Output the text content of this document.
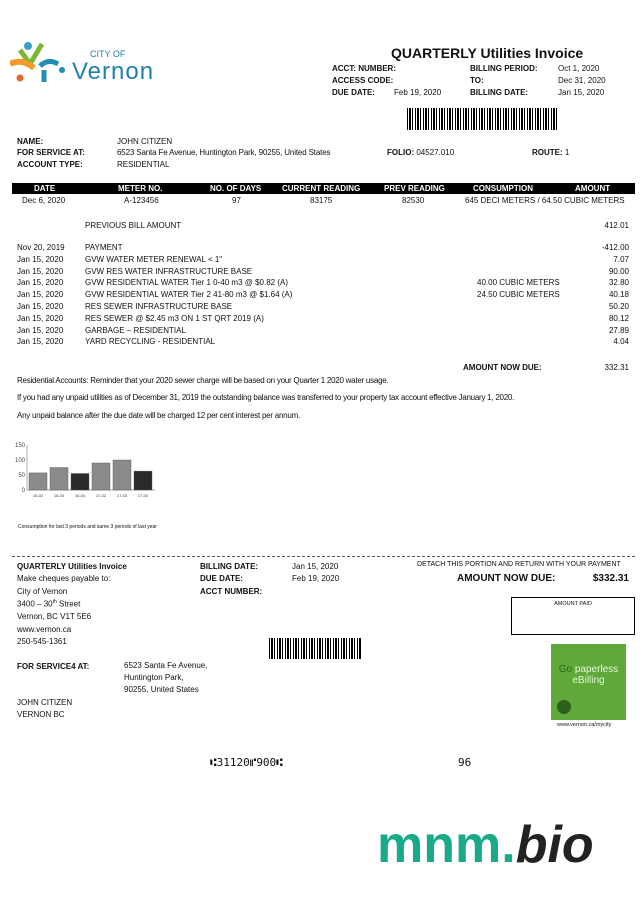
CITY OF
Vernon
QUARTERLY Utilities Invoice
ACCT: NUMBER:
ACCESS CODE:
DUE DATE: Feb 19, 2020
BILLING PERIOD:	Oct 1, 2020
TO:	Dec 31, 2020
BILLING DATE:	Jan 15, 2020
NAME:	JOHN CITIZEN
FOR SERVICE AT:	6523 Santa Fe Avenue, Huntington Park, 90255, United States
ACCOUNT TYPE:	RESIDENTIAL
FOLIO: 04527.010	ROUTE: 1
DATE	METER NO.	NO. OF DAYS	CURRENT READING	PREV READING	CONSUMPTION	AMOUNT
Dec 6, 2020	A-123456	97	83175	82530	645 DECI METERS / 64.50 CUBIC METERS
PREVIOUS BILL AMOUNT	412.01
Nov 20, 2019	PAYMENT	-412.00
Jan 15, 2020	GVW WATER METER RENEWAL < 1"	7.07
Jan 15, 2020	GVW RES WATER INFRASTRUCTURE BASE	90.00
Jan 15, 2020	GVW RESIDENTIAL WATER Tier 1 0-40 m3 @ $0.82 (A)	40.00 CUBIC METERS	32.80
Jan 15, 2020	GVW RESIDENTIAL WATER Tier 2 41-80 m3 @ $1.64 (A)	24.50 CUBIC METERS	40.18
Jan 15, 2020	RES SEWER INFRASTRUCTURE BASE	50.20
Jan 15, 2020	RES SEWER @ $2.45 m3 ON 1 ST QRT 2019 (A)	80.12
Jan 15, 2020	GARBAGE – RESIDENTIAL	27.89
Jan 15, 2020	YARD RECYCLING - RESIDENTIAL	4.04
AMOUNT NOW DUE:	332.31
Residential Accounts: Reminder that your 2020 sewer charge will be based on your Quarter 1 2020 water usage.
If you had any unpaid utilities as of December 31, 2019 the outstanding balance was transferred to your property tax account effective January 1, 2020.
Any unpaid balance after the due date will be charged 12 per cent interest per annum.
0
50
100
150
16-02	16-03	16-04	17-02	17-03	17-04
Consumption for last 3 periods and same 3 periods of last year
QUARTERLY Utilities Invoice
Make cheques payable to:
City of Vernon
3400 – 30th Street
Vernon, BC V1T 5E6
www.vernon.ca
250-545-1361
BILLING DATE:	Jan 15, 2020
DUE DATE:	Feb 19, 2020
ACCT NUMBER:
DETACH THIS PORTION AND RETURN WITH YOUR PAYMENT
AMOUNT NOW DUE:	$332.31
AMOUNT PAID
FOR SERVICE4 AT:	6523 Santa Fe Avenue,
Huntington Park,
90255, United States
JOHN CITIZEN
VERNON BC
Go paperless
eBilling
www.vernon.ca/mycity
⑆31120⑈900⑆	96
mnm.bio
